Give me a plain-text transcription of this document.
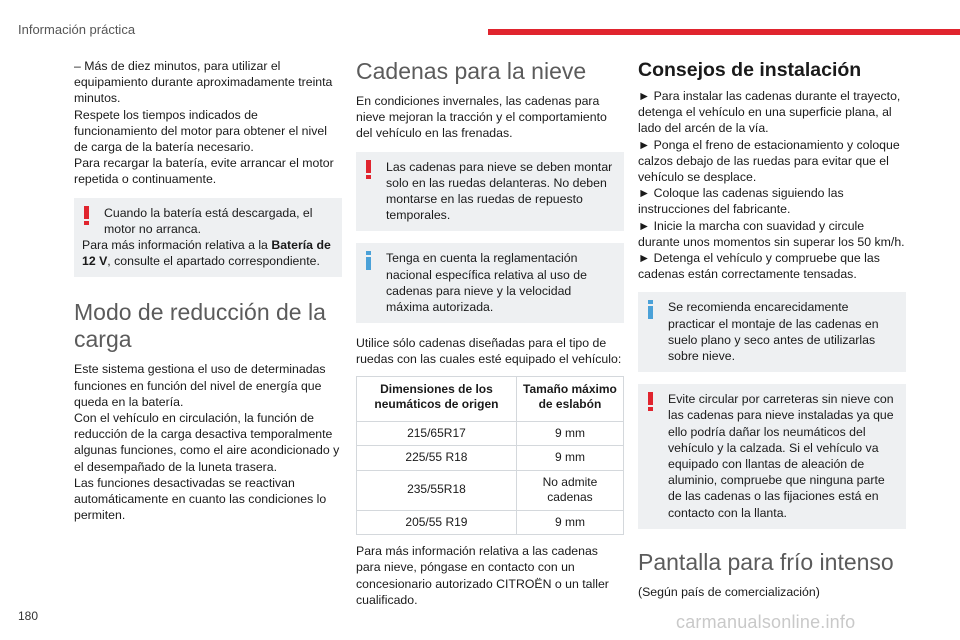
Información práctica

– Más de diez minutos, para utilizar el equipamiento durante aproximadamente treinta minutos.
Respete los tiempos indicados de funcionamiento del motor para obtener el nivel de carga de la batería necesario.
Para recargar la batería, evite arrancar el motor repetida o continuamente.

Cuando la batería está descargada, el motor no arranca.
Para más información relativa a la Batería de 12 V, consulte el apartado correspondiente.
Modo de reducción de la carga

Este sistema gestiona el uso de determinadas funciones en función del nivel de energía que queda en la batería.
Con el vehículo en circulación, la función de reducción de la carga desactiva temporalmente algunas funciones, como el aire acondicionado y el desempañado de la luneta trasera.
Las funciones desactivadas se reactivan automáticamente en cuanto las condiciones lo permiten.

Cadenas para la nieve

En condiciones invernales, las cadenas para nieve mejoran la tracción y el comportamiento del vehículo en las frenadas.

Las cadenas para nieve se deben montar solo en las ruedas delanteras. No deben montarse en las ruedas de repuesto temporales.
Tenga en cuenta la reglamentación nacional específica relativa al uso de cadenas para nieve y la velocidad máxima autorizada.

Utilice sólo cadenas diseñadas para el tipo de ruedas con las cuales esté equipado el vehículo:

Dimensiones de los neumáticos de origen	Tamaño máximo de eslabón
215/65R17	9 mm
225/55 R18	9 mm
235/55R18	No admite cadenas
205/55 R19	9 mm

Para más información relativa a las cadenas para nieve, póngase en contacto con un concesionario autorizado CITROËN o un taller cualificado.

Consejos de instalación

► Para instalar las cadenas durante el trayecto, detenga el vehículo en una superficie plana, al lado del arcén de la vía.
► Ponga el freno de estacionamiento y coloque calzos debajo de las ruedas para evitar que el vehículo se desplace.
► Coloque las cadenas siguiendo las instrucciones del fabricante.
► Inicie la marcha con suavidad y circule durante unos momentos sin superar los 50 km/h.
► Detenga el vehículo y compruebe que las cadenas están correctamente tensadas.

Se recomienda encarecidamente practicar el montaje de las cadenas en suelo plano y seco antes de utilizarlas sobre nieve.
Evite circular por carreteras sin nieve con las cadenas para nieve instaladas ya que ello podría dañar los neumáticos del vehículo y la calzada. Si el vehículo va equipado con llantas de aleación de aluminio, compruebe que ninguna parte de las cadenas o las fijaciones está en contacto con la llanta.
Pantalla para frío intenso

(Según país de comercialización)

180	carmanualsonline.info
